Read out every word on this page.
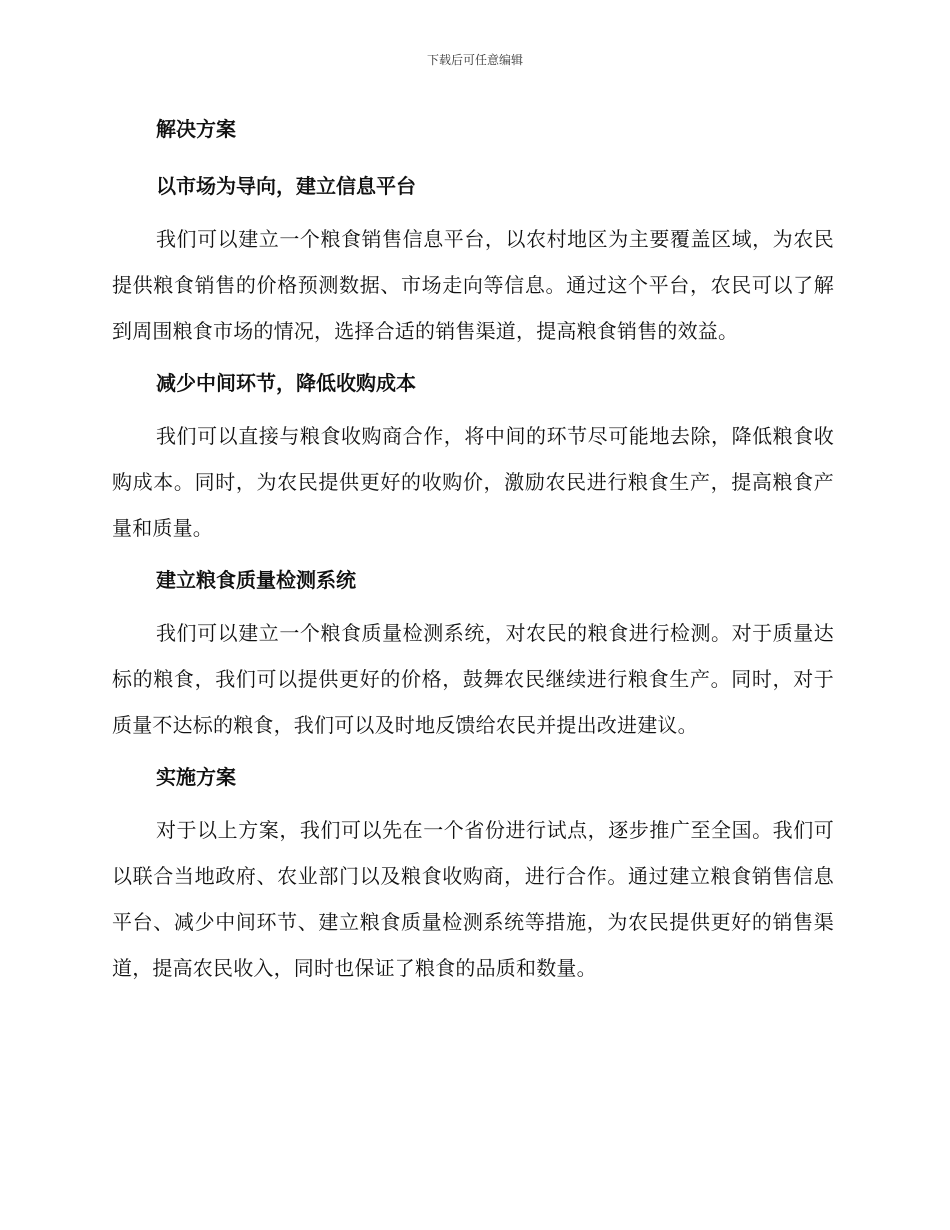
下载后可任意编辑
解决方案
以市场为导向，建立信息平台

我们可以建立一个粮食销售信息平台，以农村地区为主要覆盖区域，为农民提供粮食销售的价格预测数据、市场走向等信息。通过这个平台，农民可以了解到周围粮食市场的情况，选择合适的销售渠道，提高粮食销售的效益。

减少中间环节，降低收购成本

我们可以直接与粮食收购商合作，将中间的环节尽可能地去除，降低粮食收购成本。同时，为农民提供更好的收购价，激励农民进行粮食生产，提高粮食产量和质量。

建立粮食质量检测系统

我们可以建立一个粮食质量检测系统，对农民的粮食进行检测。对于质量达标的粮食，我们可以提供更好的价格，鼓舞农民继续进行粮食生产。同时，对于质量不达标的粮食，我们可以及时地反馈给农民并提出改进建议。

实施方案

对于以上方案，我们可以先在一个省份进行试点，逐步推广至全国。我们可以联合当地政府、农业部门以及粮食收购商，进行合作。通过建立粮食销售信息平台、减少中间环节、建立粮食质量检测系统等措施，为农民提供更好的销售渠道，提高农民收入，同时也保证了粮食的品质和数量。
